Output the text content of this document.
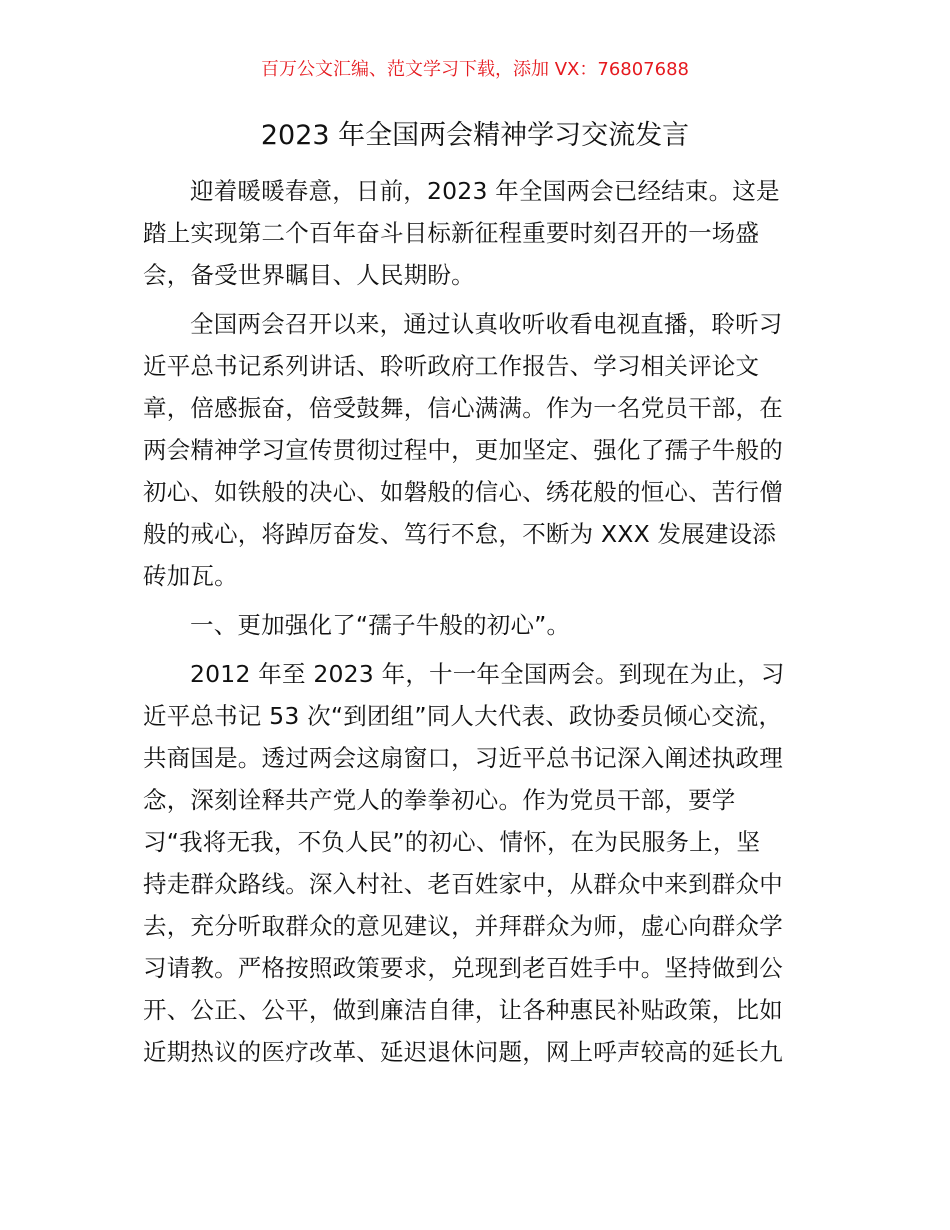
百万公文汇编、范文学习下载，添加 VX：76807688
2023 年全国两会精神学习交流发言
迎着暖暖春意，日前，2023 年全国两会已经结束。这是
踏上实现第二个百年奋斗目标新征程重要时刻召开的一场盛
会，备受世界瞩目、人民期盼。
全国两会召开以来，通过认真收听收看电视直播，聆听习
近平总书记系列讲话、聆听政府工作报告、学习相关评论文
章，倍感振奋，倍受鼓舞，信心满满。作为一名党员干部，在
两会精神学习宣传贯彻过程中，更加坚定、强化了孺子牛般的
初心、如铁般的决心、如磐般的信心、绣花般的恒心、苦行僧
般的戒心，将踔厉奋发、笃行不怠，不断为 XXX 发展建设添
砖加瓦。
一、更加强化了“孺子牛般的初心”。
2012 年至 2023 年，十一年全国两会。到现在为止，习
近平总书记 53 次“到团组”同人大代表、政协委员倾心交流，
共商国是。透过两会这扇窗口，习近平总书记深入阐述执政理
念，深刻诠释共产党人的拳拳初心。作为党员干部，要学
习“我将无我，不负人民”的初心、情怀，在为民服务上，坚
持走群众路线。深入村社、老百姓家中，从群众中来到群众中
去，充分听取群众的意见建议，并拜群众为师，虚心向群众学
习请教。严格按照政策要求，兑现到老百姓手中。坚持做到公
开、公正、公平，做到廉洁自律，让各种惠民补贴政策，比如
近期热议的医疗改革、延迟退休问题，网上呼声较高的延长九
